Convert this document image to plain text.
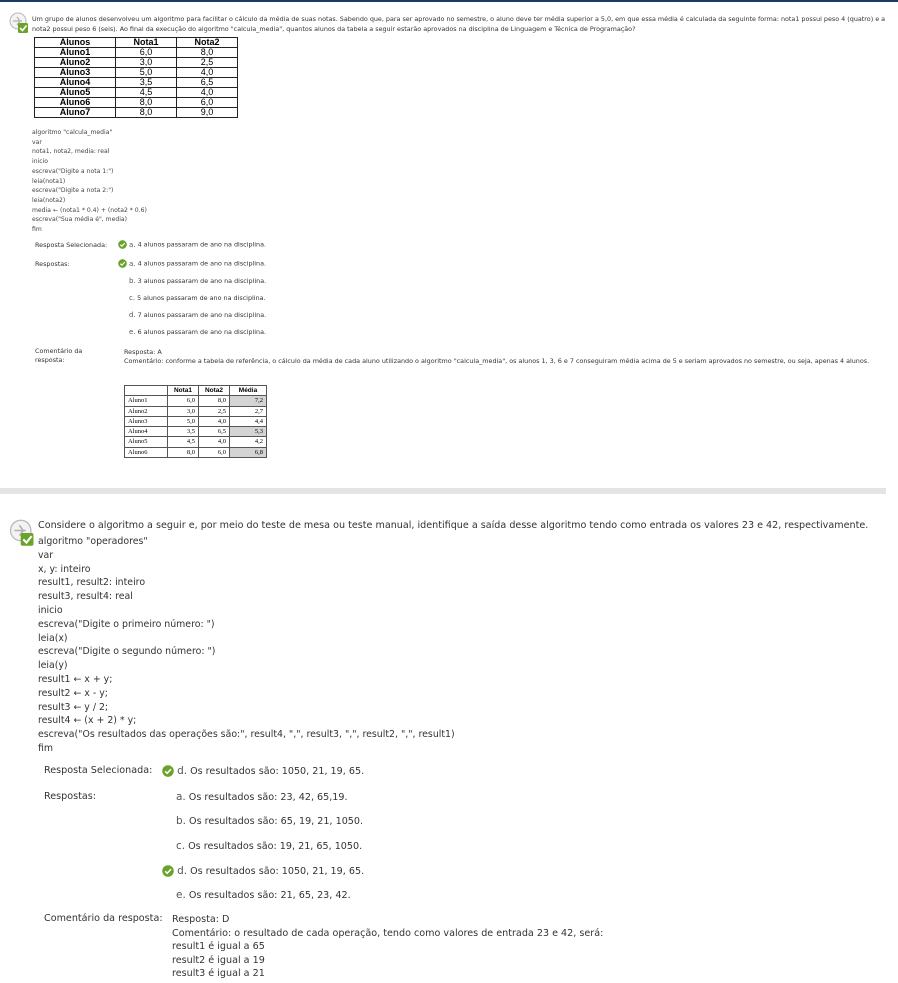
Um grupo de alunos desenvolveu um algoritmo para facilitar o cálculo da média de suas notas. Sabendo que, para ser aprovado no semestre, o aluno deve ter média superior a 5,0, em que essa média é calculada da seguinte forma: nota1 possui peso 4 (quatro) e a nota2 possui peso 6 (seis). Ao final da execução do algoritmo "calcula_media", quantos alunos da tabela a seguir estarão aprovados na disciplina de Linguagem e Técnica de Programação?
Alunos	Nota1	Nota2
Aluno1	6,0	8,0
Aluno2	3,0	2,5
Aluno3	5,0	4,0
Aluno4	3,5	6,5
Aluno5	4,5	4,0
Aluno6	8,0	6,0
Aluno7	8,0	9,0
algoritmo "calcula_media"
var
nota1, nota2, media: real
inicio
escreva("Digite a nota 1:")
leia(nota1)
escreva("Digite a nota 2:")
leia(nota2)
media ← (nota1 * 0.4) + (nota2 * 0.6)
escreva("Sua média é", media)
fim
Resposta Selecionada:	a. 4 alunos passaram de ano na disciplina.
Respostas:	a. 4 alunos passaram de ano na disciplina.
b. 3 alunos passaram de ano na disciplina.
c. 5 alunos passaram de ano na disciplina.
d. 7 alunos passaram de ano na disciplina.
e. 6 alunos passaram de ano na disciplina.
Comentário da resposta:
Resposta: A
Comentário: conforme a tabela de referência, o cálculo da média de cada aluno utilizando o algoritmo "calcula_media", os alunos 1, 3, 6 e 7 conseguiram média acima de 5 e seriam aprovados no semestre, ou seja, apenas 4 alunos.
	Nota1	Nota2	Média
Aluno1	6,0	8,0	7,2
Aluno2	3,0	2,5	2,7
Aluno3	5,0	4,0	4,4
Aluno4	3,5	6,5	5,3
Aluno5	4,5	4,0	4,2
Aluno6	8,0	6,0	6,8
Considere o algoritmo a seguir e, por meio do teste de mesa ou teste manual, identifique a saída desse algoritmo tendo como entrada os valores 23 e 42, respectivamente.
algoritmo "operadores"
var
x, y: inteiro
result1, result2: inteiro
result3, result4: real
inicio
escreva("Digite o primeiro número: ")
leia(x)
escreva("Digite o segundo número: ")
leia(y)
result1 ← x + y;
result2 ← x - y;
result3 ← y / 2;
result4 ← (x + 2) * y;
escreva("Os resultados das operações são:", result4, ",", result3, ",", result2, ",", result1)
fim
Resposta Selecionada:	d. Os resultados são: 1050, 21, 19, 65.
Respostas:	a. Os resultados são: 23, 42, 65,19.
b. Os resultados são: 65, 19, 21, 1050.
c. Os resultados são: 19, 21, 65, 1050.
d. Os resultados são: 1050, 21, 19, 65.
e. Os resultados são: 21, 65, 23, 42.
Comentário da resposta: Resposta: D
Comentário: o resultado de cada operação, tendo como valores de entrada 23 e 42, será:
result1 é igual a 65
result2 é igual a 19
result3 é igual a 21
